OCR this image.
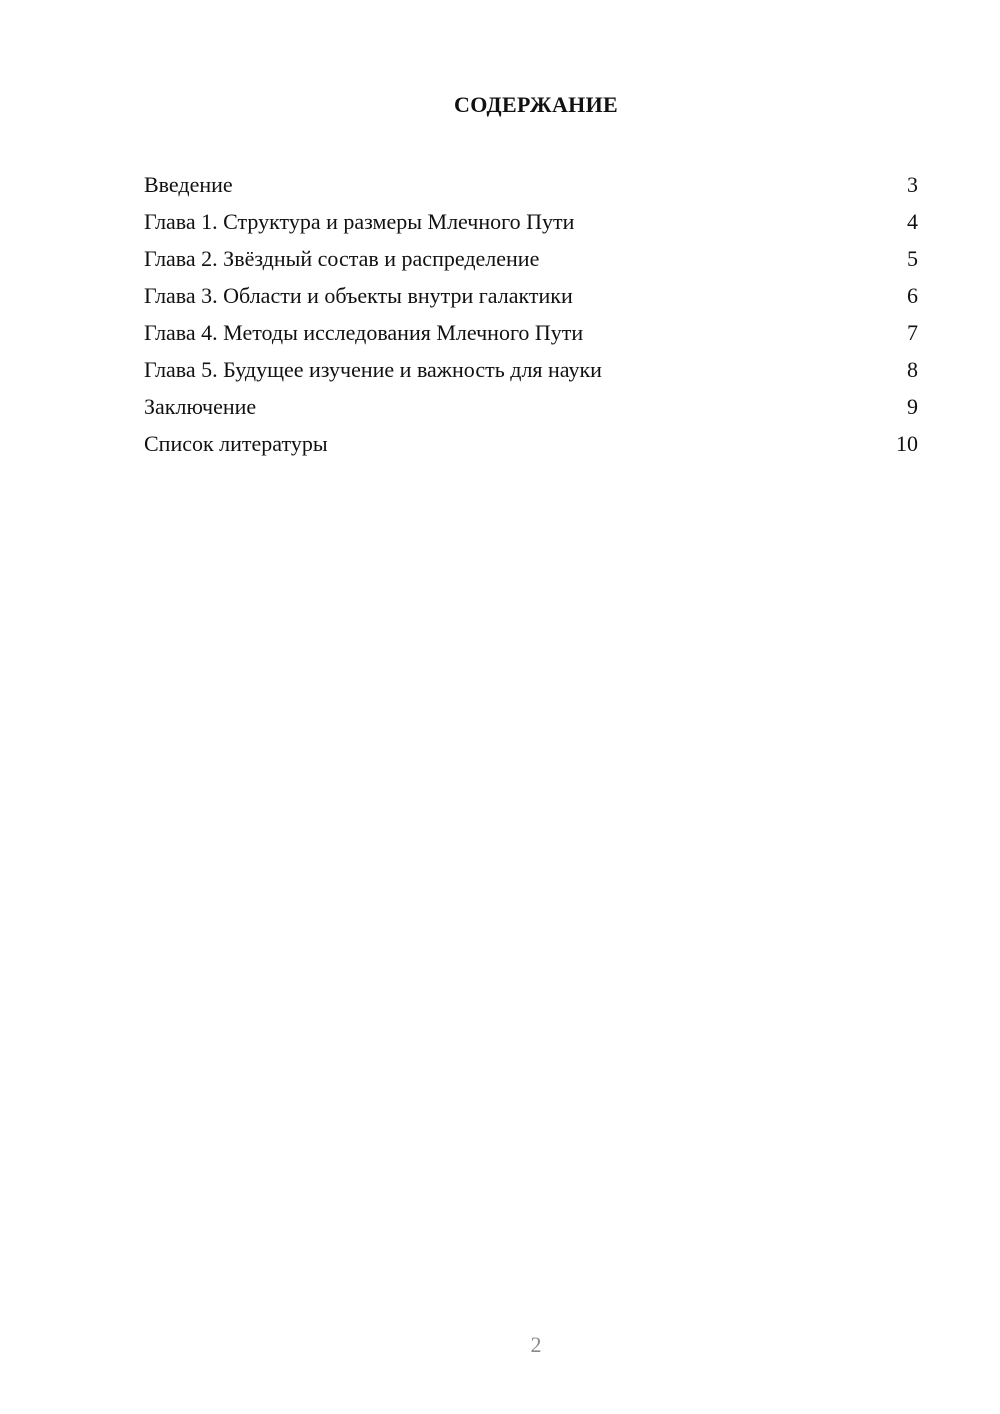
СОДЕРЖАНИЕ
Введение	3
Глава 1. Структура и размеры Млечного Пути	4
Глава 2. Звёздный состав и распределение	5
Глава 3. Области и объекты внутри галактики	6
Глава 4. Методы исследования Млечного Пути	7
Глава 5. Будущее изучение и важность для науки	8
Заключение	9
Список литературы	10
2
